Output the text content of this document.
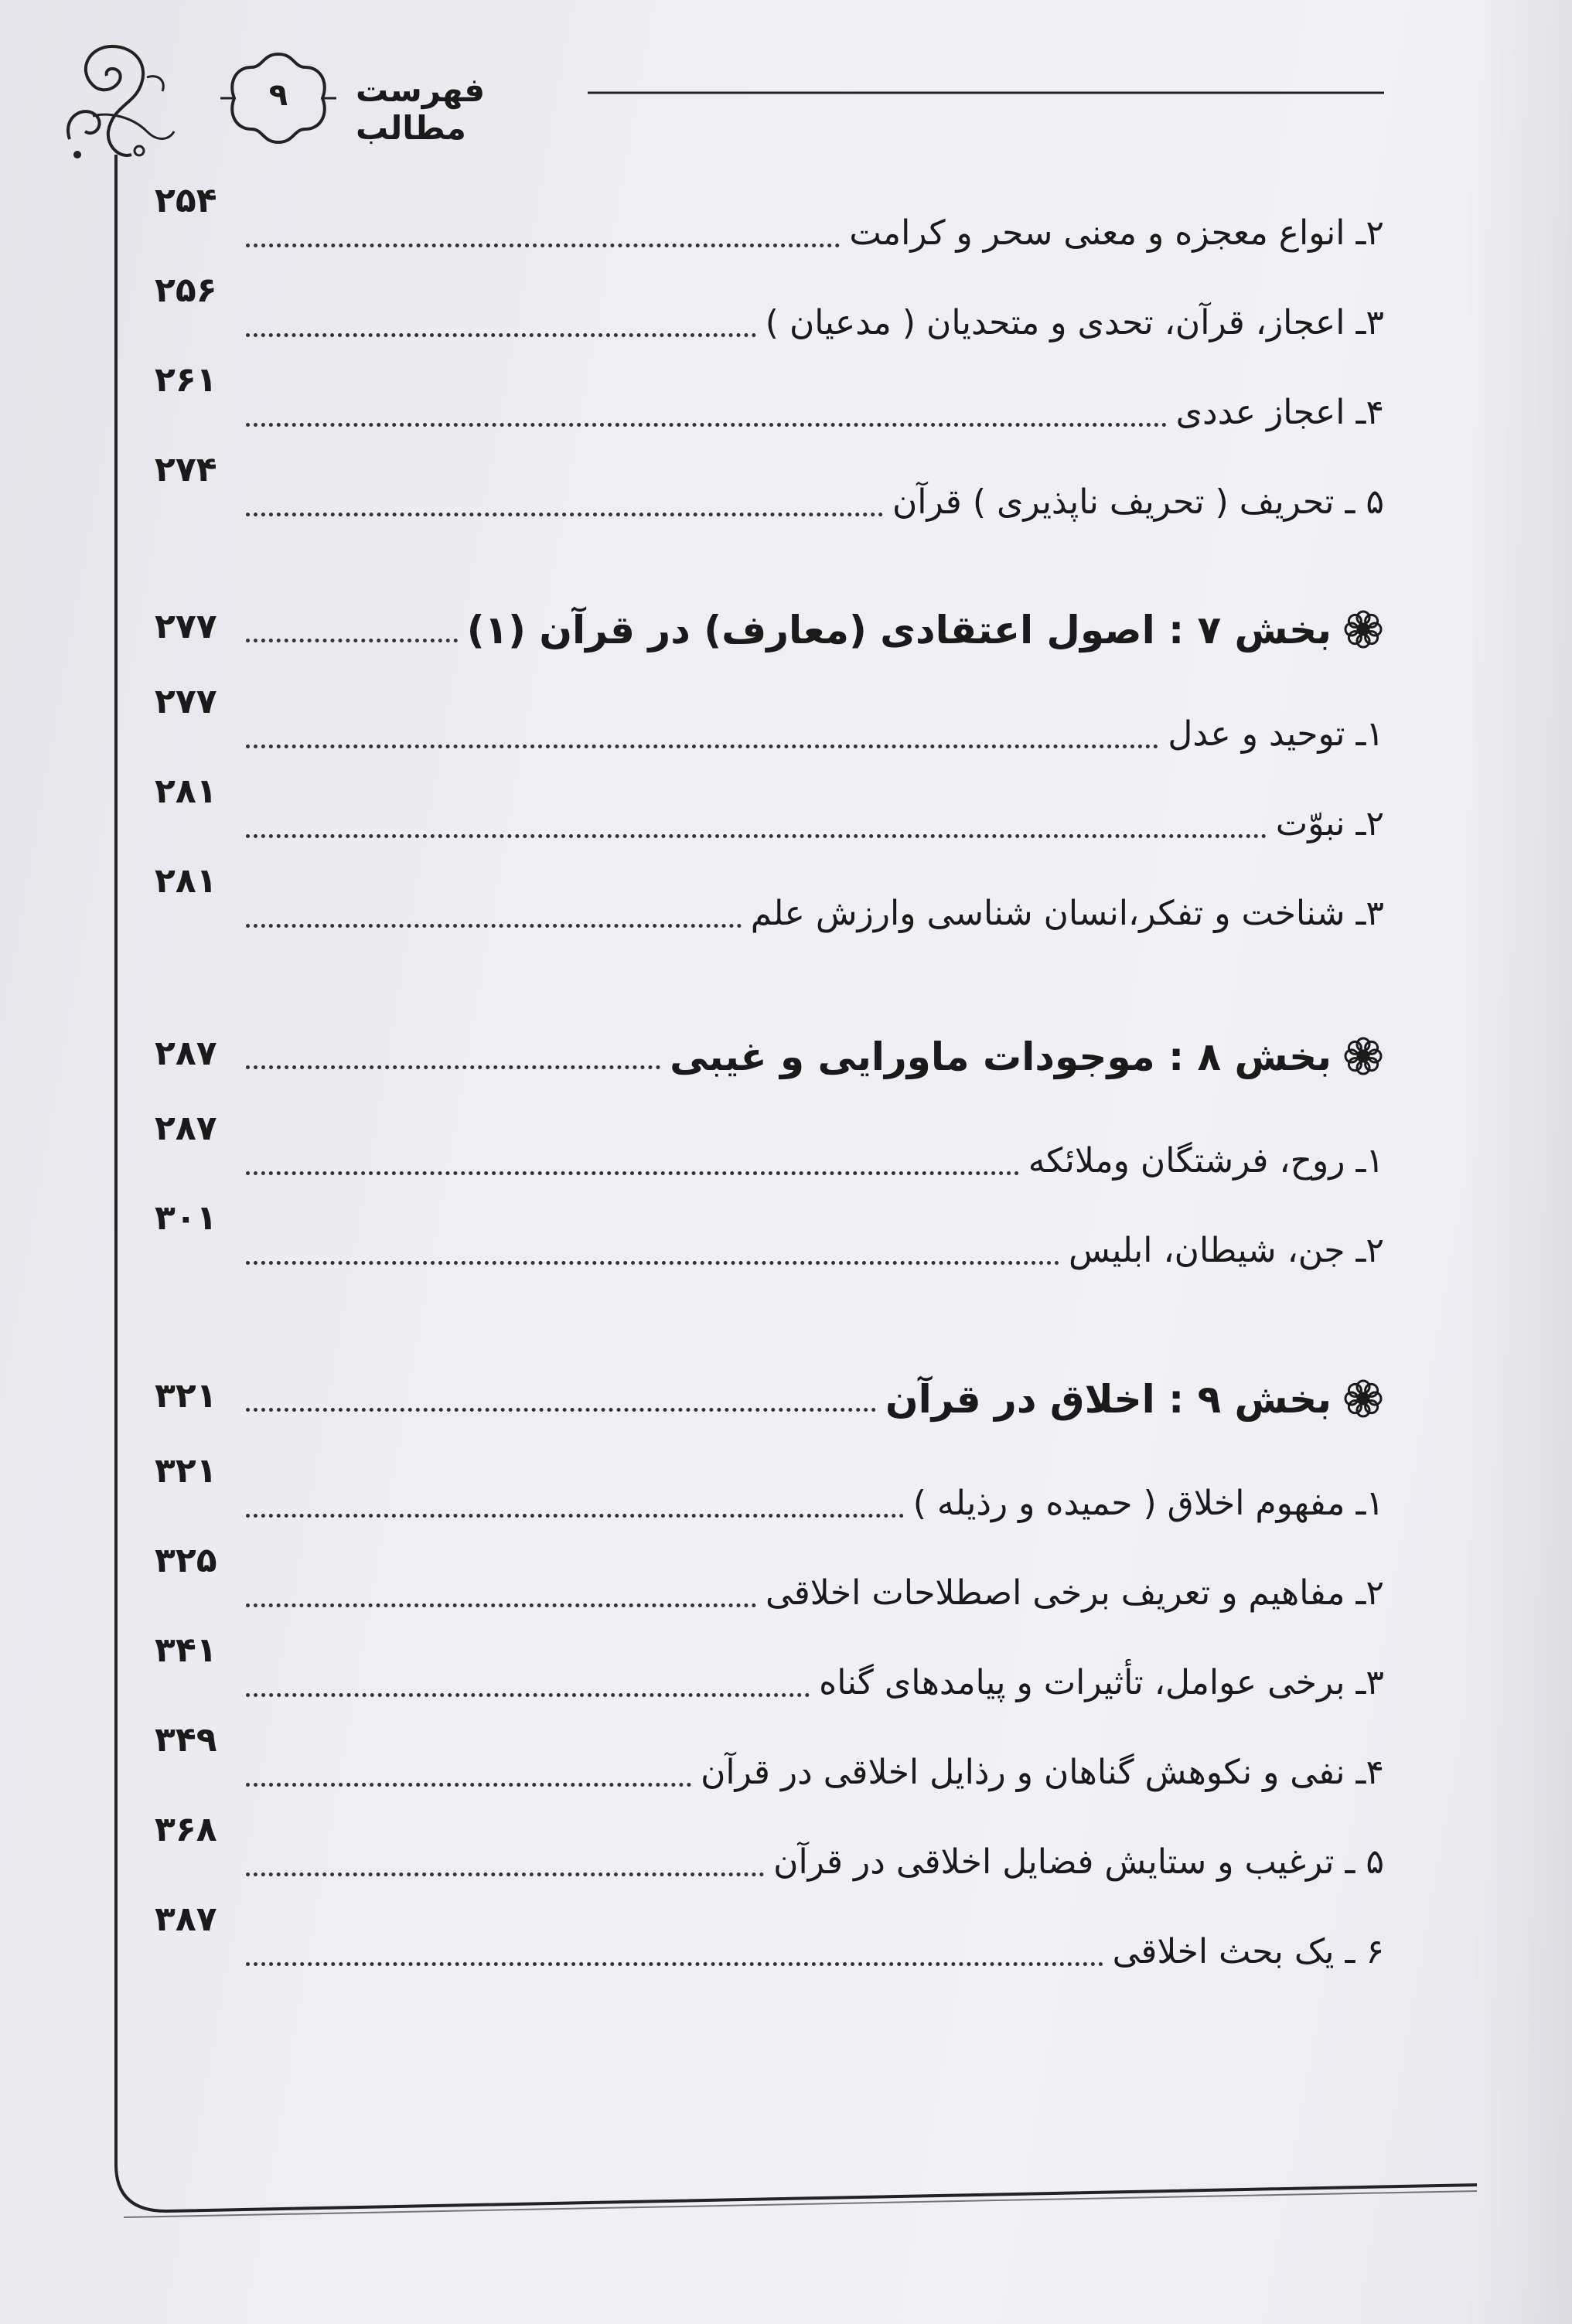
۹	فهرست مطالب
۲ـ انواع معجزه و معنی سحر و کرامت
۲۵۴
۳ـ اعجاز، قرآن، تحدی و متحدیان ( مدعیان )
۲۵۶
۴ـ اعجاز عددی
۲۶۱
۵ ـ تحریف ( تحریف ناپذیری ) قرآن
۲۷۴
بخش ۷ : اصول اعتقادی (معارف) در قرآن (۱)
۲۷۷
۱ـ توحید و عدل
۲۷۷
۲ـ نبوّت
۲۸۱
۳ـ شناخت و تفکر،انسان شناسی وارزش علم
۲۸۱
بخش ۸ : موجودات ماورایی و غیبی
۲۸۷
۱ـ روح، فرشتگان وملائکه
۲۸۷
۲ـ جن، شیطان، ابلیس
۳۰۱
بخش ۹ : اخلاق در قرآن
۳۲۱
۱ـ مفهوم اخلاق ( حمیده و رذیله )
۳۲۱
۲ـ مفاهیم و تعریف برخی اصطلاحات اخلاقی
۳۲۵
۳ـ برخی عوامل، تأثیرات و پیامدهای گناه
۳۴۱
۴ـ نفی و نکوهش گناهان و رذایل اخلاقی در قرآن
۳۴۹
۵ ـ ترغیب و ستایش فضایل اخلاقی در قرآن
۳۶۸
۶ ـ یک بحث اخلاقی
۳۸۷
